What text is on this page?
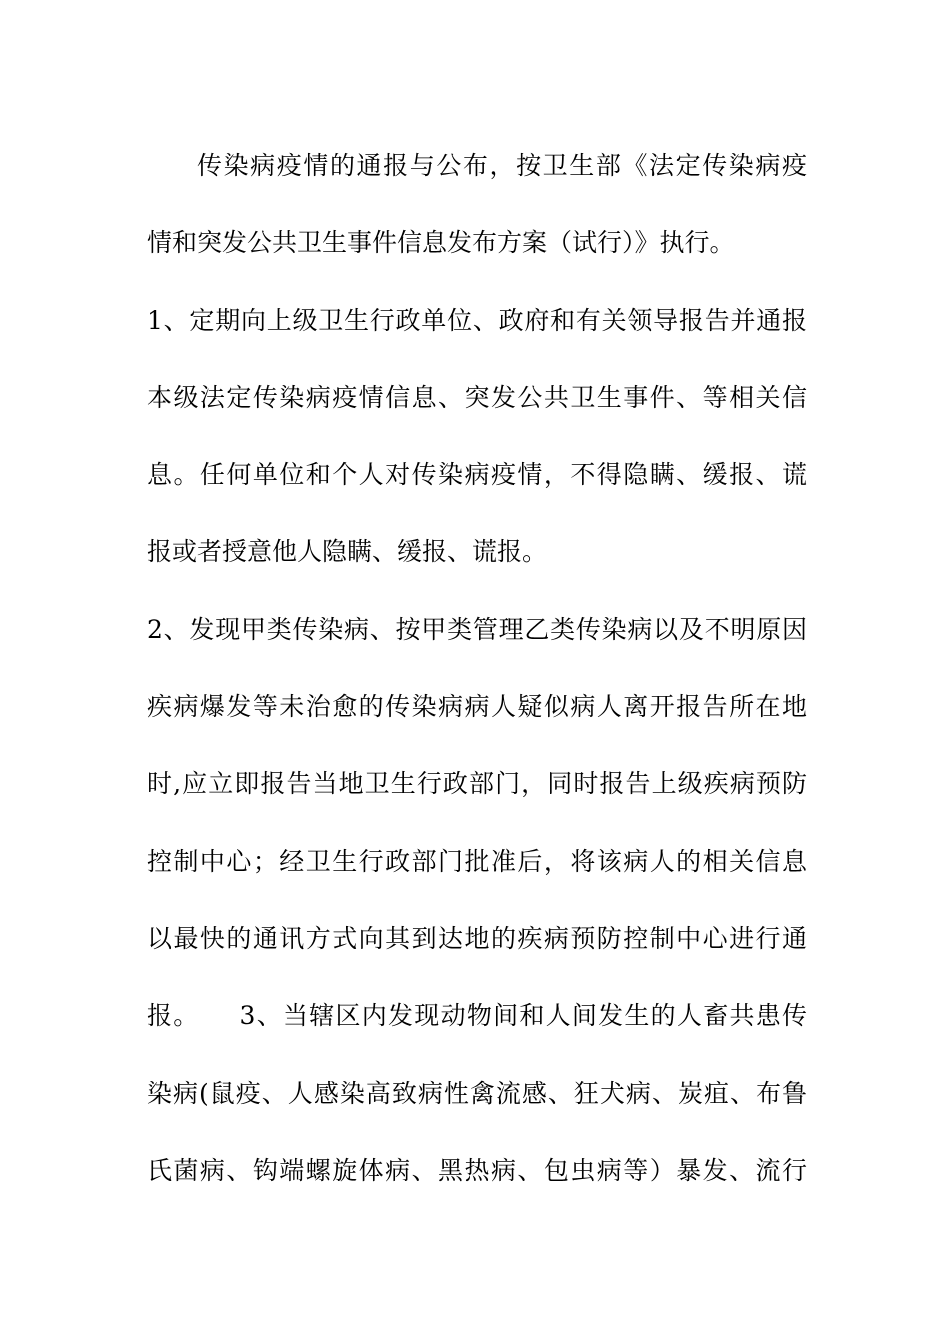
传染病疫情的通报与公布，按卫生部《法定传染病疫
情和突发公共卫生事件信息发布方案（试行）》执行。
1、定期向上级卫生行政单位、政府和有关领导报告并通报
本级法定传染病疫情信息、突发公共卫生事件、等相关信
息。任何单位和个人对传染病疫情，不得隐瞒、缓报、谎
报或者授意他人隐瞒、缓报、谎报。
2、发现甲类传染病、按甲类管理乙类传染病以及不明原因
疾病爆发等未治愈的传染病病人疑似病人离开报告所在地
时,应立即报告当地卫生行政部门，同时报告上级疾病预防
控制中心；经卫生行政部门批准后，将该病人的相关信息
以最快的通讯方式向其到达地的疾病预防控制中心进行通
报。　　3、当辖区内发现动物间和人间发生的人畜共患传
染病(鼠疫、人感染高致病性禽流感、狂犬病、炭疽、布鲁
氏菌病、钩端螺旋体病、黑热病、包虫病等）暴发、流行
